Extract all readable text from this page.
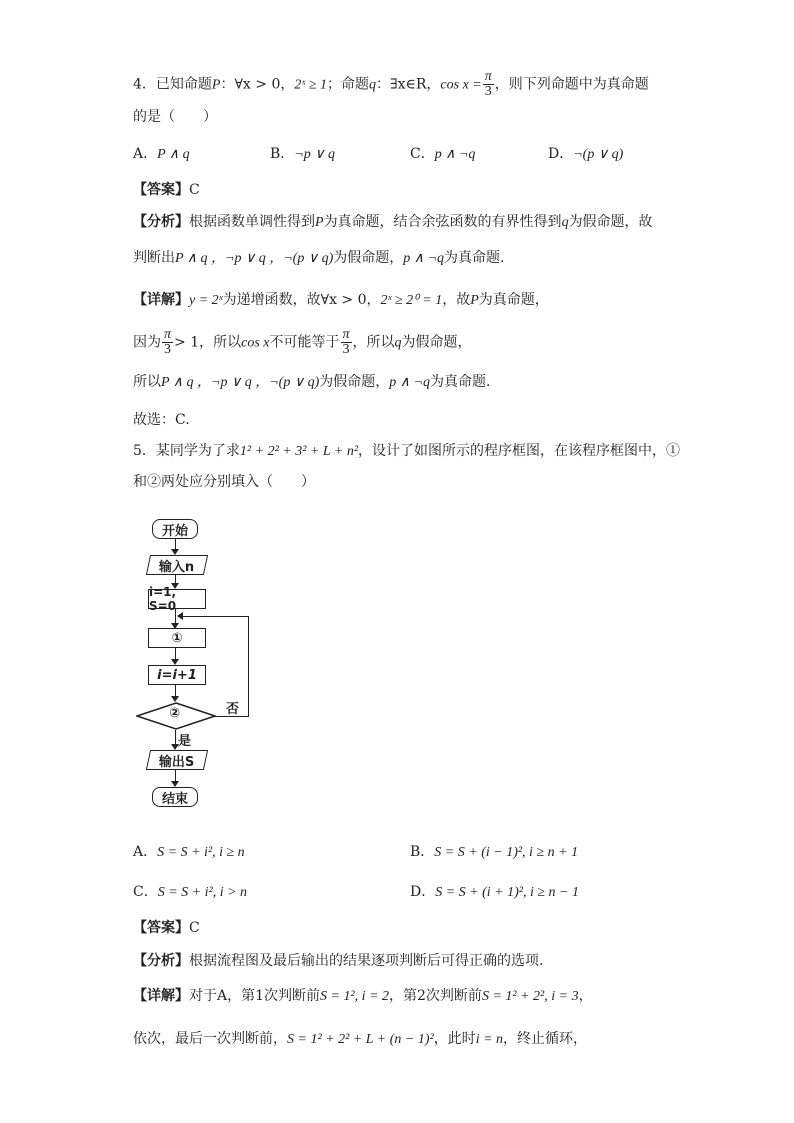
4．已知命题P：∀x > 0，2ˣ ≥ 1；命题q：∃x∈R，$\cos x = \frac{\pi}{3}$ ，则下列命题中为真命题
的是（　　）
A．P ∧ q	B．¬p ∨ q	C．p ∧ ¬q	D．¬(p ∨ q)
【答案】C
【分析】根据函数单调性得到P为真命题，结合余弦函数的有界性得到q为假命题，故
判断出P ∧ q ，¬p ∨ q ，¬(p ∨ q)为假命题，p ∧ ¬q为真命题.
【详解】y = 2ˣ为递增函数，故∀x > 0，2ˣ ≥ 2⁰ = 1，故P为真命题，
因为 $\frac{\pi}{3} > 1$，所以cos x不可能等于 $\frac{\pi}{3}$ ，所以q为假命题，
所以P ∧ q ，¬p ∨ q ，¬(p ∨ q)为假命题，p ∧ ¬q为真命题.
故选：C.
5．某同学为了求1² + 2² + 3² + L + n²，设计了如图所示的程序框图，在该程序框图中，①
和②两处应分别填入（　　）
开始
输入n
i=1, S=0
①
i=i+1
②	否
是
输出S
结束
A．S = S + i², i ≥ n	B．S = S + (i − 1)², i ≥ n + 1
C．S = S + i², i > n	D．S = S + (i + 1)², i ≥ n − 1
【答案】C
【分析】根据流程图及最后输出的结果逐项判断后可得正确的选项.
【详解】对于A，第1次判断前S = 1², i = 2，第2次判断前S = 1² + 2², i = 3，
依次，最后一次判断前，S = 1² + 2² + L + (n − 1)²，此时i = n，终止循环，
